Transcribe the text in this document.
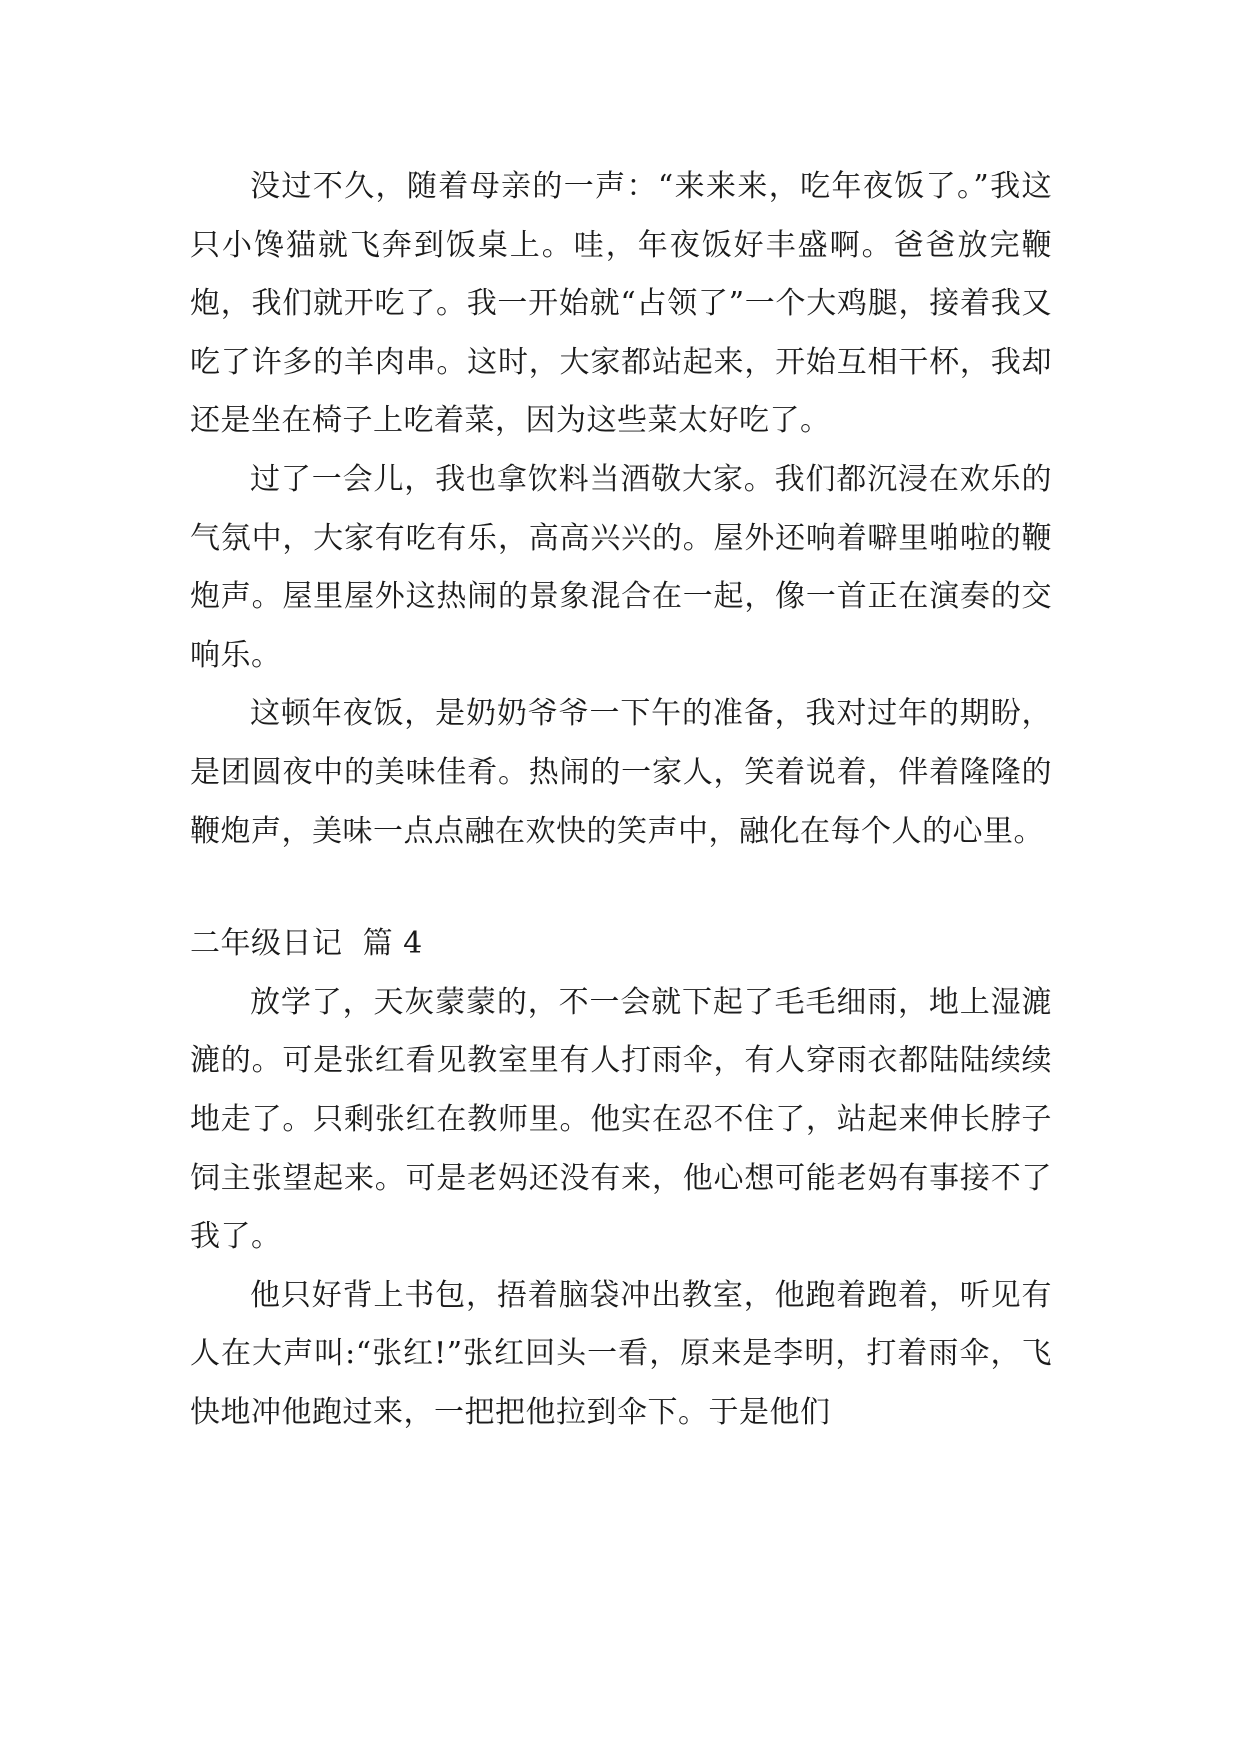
没过不久，随着母亲的一声：“来来来，吃年夜饭了。”我这只小馋猫就飞奔到饭桌上。哇，年夜饭好丰盛啊。爸爸放完鞭炮，我们就开吃了。我一开始就“占领了”一个大鸡腿，接着我又吃了许多的羊肉串。这时，大家都站起来，开始互相干杯，我却还是坐在椅子上吃着菜，因为这些菜太好吃了。

过了一会儿，我也拿饮料当酒敬大家。我们都沉浸在欢乐的气氛中，大家有吃有乐，高高兴兴的。屋外还响着噼里啪啦的鞭炮声。屋里屋外这热闹的景象混合在一起，像一首正在演奏的交响乐。

这顿年夜饭，是奶奶爷爷一下午的准备，我对过年的期盼，是团圆夜中的美味佳肴。热闹的一家人，笑着说着，伴着隆隆的鞭炮声，美味一点点融在欢快的笑声中，融化在每个人的心里。

二年级日记  篇 4

放学了，天灰蒙蒙的，不一会就下起了毛毛细雨，地上湿漉漉的。可是张红看见教室里有人打雨伞，有人穿雨衣都陆陆续续地走了。只剩张红在教师里。他实在忍不住了，站起来伸长脖子饲主张望起来。可是老妈还没有来，他心想可能老妈有事接不了我了。

他只好背上书包，捂着脑袋冲出教室，他跑着跑着，听见有人在大声叫:“张红!”张红回头一看，原来是李明，打着雨伞，飞快地冲他跑过来，一把把他拉到伞下。于是他们
